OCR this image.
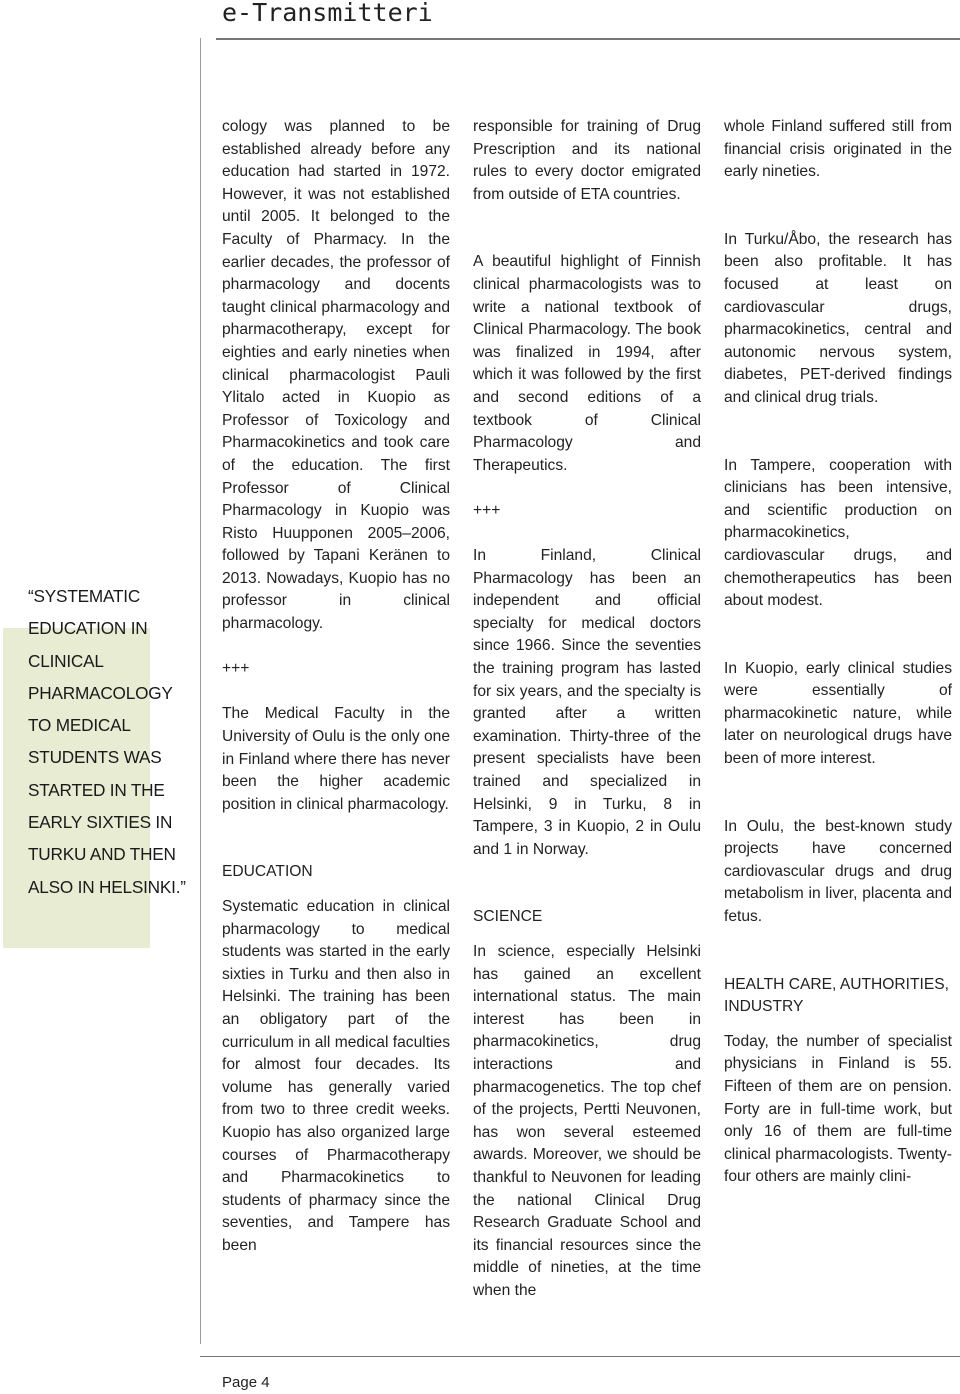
e-Transmitteri

“SYSTEMATIC EDUCATION IN CLINICAL PHARMACOLOGY TO MEDICAL STUDENTS WAS STARTED IN THE EARLY SIXTIES IN TURKU AND THEN ALSO IN HELSINKI.”

cology was planned to be established already before any education had started in 1972. However, it was not established until 2005. It belonged to the Faculty of Pharmacy. In the earlier decades, the professor of pharmacology and docents taught clinical pharmacology and pharmacotherapy, except for eighties and early nineties when clinical pharmacologist Pauli Ylitalo acted in Kuopio as Professor of Toxicology and Pharmacokinetics and took care of the education. The first Professor of Clinical Pharmacology in Kuopio was Risto Huupponen 2005–2006, followed by Tapani Keränen to 2013. Nowadays, Kuopio has no professor in clinical pharmacology.

+++

The Medical Faculty in the University of Oulu is the only one in Finland where there has never been the higher academic position in clinical pharmacology.

EDUCATION

Systematic education in clinical pharmacology to medical students was started in the early sixties in Turku and then also in Helsinki. The training has been an obligatory part of the curriculum in all medical faculties for almost four decades. Its volume has generally varied from two to three credit weeks. Kuopio has also organized large courses of Pharmacotherapy and Pharmacokinetics to students of pharmacy since the seventies, and Tampere has been

responsible for training of Drug Prescription and its national rules to every doctor emigrated from outside of ETA countries.

A beautiful highlight of Finnish clinical pharmacologists was to write a national textbook of Clinical Pharmacology. The book was finalized in 1994, after which it was followed by the first and second editions of a textbook of Clinical Pharmacology and Therapeutics.

+++

In Finland, Clinical Pharmacology has been an independent and official specialty for medical doctors since 1966. Since the seventies the training program has lasted for six years, and the specialty is granted after a written examination. Thirty-three of the present specialists have been trained and specialized in Helsinki, 9 in Turku, 8 in Tampere, 3 in Kuopio, 2 in Oulu and 1 in Norway.

SCIENCE

In science, especially Helsinki has gained an excellent international status. The main interest has been in pharmacokinetics, drug interactions and pharmacogenetics. The top chef of the projects, Pertti Neuvonen, has won several esteemed awards. Moreover, we should be thankful to Neuvonen for leading the national Clinical Drug Research Graduate School and its financial resources since the middle of nineties, at the time when the

whole Finland suffered still from financial crisis originated in the early nineties.

In Turku/Åbo, the research has been also profitable. It has focused at least on cardiovascular drugs, pharmacokinetics, central and autonomic nervous system, diabetes, PET-derived findings and clinical drug trials.

In Tampere, cooperation with clinicians has been intensive, and scientific production on pharmacokinetics, cardiovascular drugs, and chemotherapeutics has been about modest.

In Kuopio, early clinical studies were essentially of pharmacokinetic nature, while later on neurological drugs have been of more interest.

In Oulu, the best-known study projects have concerned cardiovascular drugs and drug metabolism in liver, placenta and fetus.

HEALTH CARE, AUTHORITIES, INDUSTRY

Today, the number of specialist physicians in Finland is 55. Fifteen of them are on pension. Forty are in full-time work, but only 16 of them are full-time clinical pharmacologists. Twenty-four others are mainly clini-

Page 4
